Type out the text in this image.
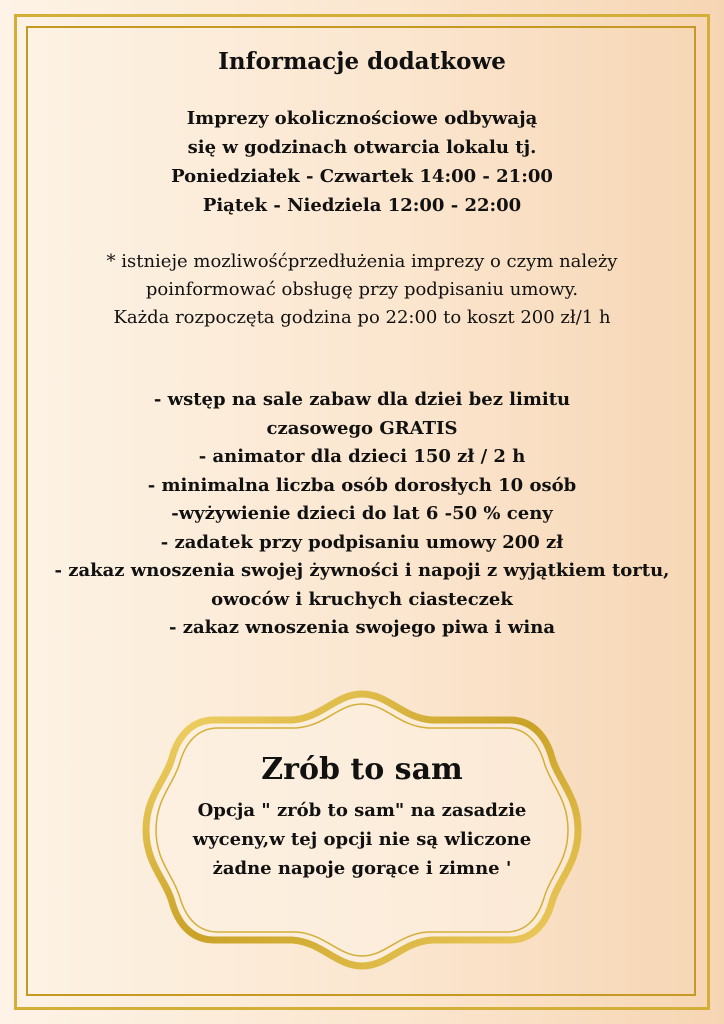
Informacje dodatkowe
Imprezy okolicznościowe odbywają
się w godzinach otwarcia lokalu tj.
Poniedziałek - Czwartek 14:00 - 21:00
Piątek - Niedziela 12:00 - 22:00
* istnieje mozliwośćprzedłużenia imprezy o czym należy
poinformować obsługę przy podpisaniu umowy.
Każda rozpoczęta godzina po 22:00 to koszt 200 zł/1 h
- wstęp na sale zabaw dla dziei bez limitu
czasowego GRATIS
- animator dla dzieci 150 zł / 2 h
- minimalna liczba osób dorosłych 10 osób
-wyżywienie dzieci do lat 6 -50 % ceny
- zadatek przy podpisaniu umowy 200 zł
- zakaz wnoszenia swojej żywności i napoji z wyjątkiem tortu,
owoców i kruchych ciasteczek
- zakaz wnoszenia swojego piwa i wina
Zrób to sam
Opcja " zrób to sam" na zasadzie
wyceny,w tej opcji nie są wliczone
żadne napoje gorące i zimne '
